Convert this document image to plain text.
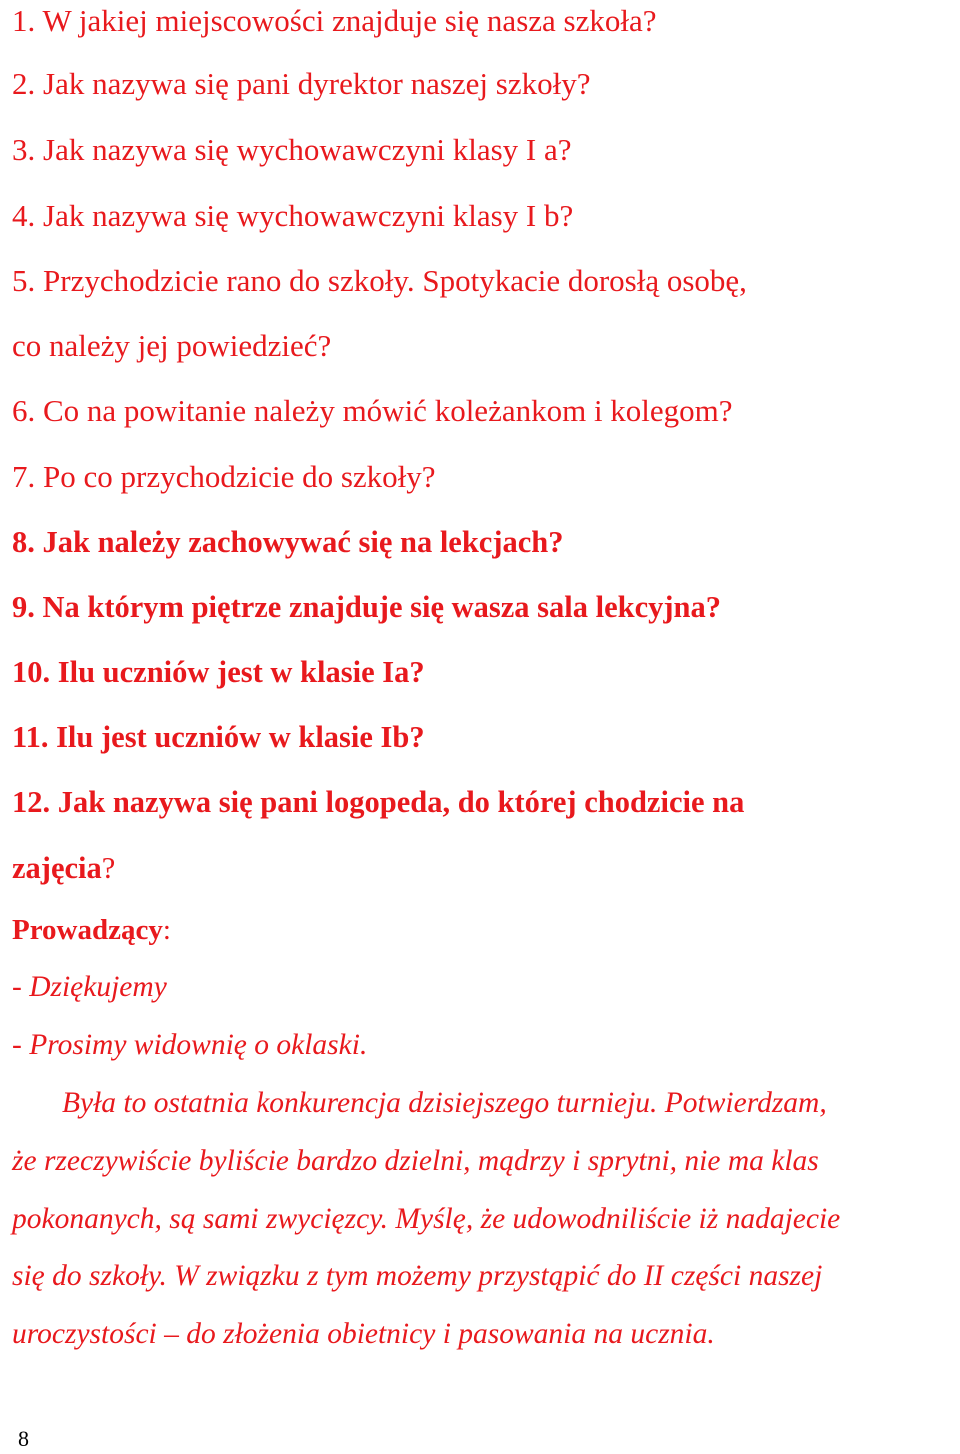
1. W jakiej miejscowości znajduje się nasza szkoła?
2. Jak nazywa się pani dyrektor naszej szkoły?
3. Jak nazywa się wychowawczyni klasy I a?
4. Jak nazywa się wychowawczyni klasy I b?
5. Przychodzicie rano do szkoły. Spotykacie dorosłą osobę,
co należy jej powiedzieć?
6. Co na powitanie należy mówić koleżankom i kolegom?
7. Po co przychodzicie do szkoły?
8. Jak należy zachowywać się na lekcjach?
9. Na którym piętrze znajduje się wasza sala lekcyjna?
10. Ilu uczniów jest w klasie Ia?
11. Ilu jest uczniów w klasie Ib?
12. Jak nazywa się pani logopeda, do której chodzicie na
zajęcia?
Prowadzący:
- Dziękujemy
- Prosimy widownię o oklaski.
Była to ostatnia konkurencja dzisiejszego turnieju. Potwierdzam,
że rzeczywiście byliście bardzo dzielni, mądrzy i sprytni, nie ma klas
pokonanych, są sami zwycięzcy. Myślę, że udowodniliście iż nadajecie
się do szkoły. W związku z tym możemy przystąpić do II części naszej
uroczystości – do złożenia obietnicy i pasowania na ucznia.
8
